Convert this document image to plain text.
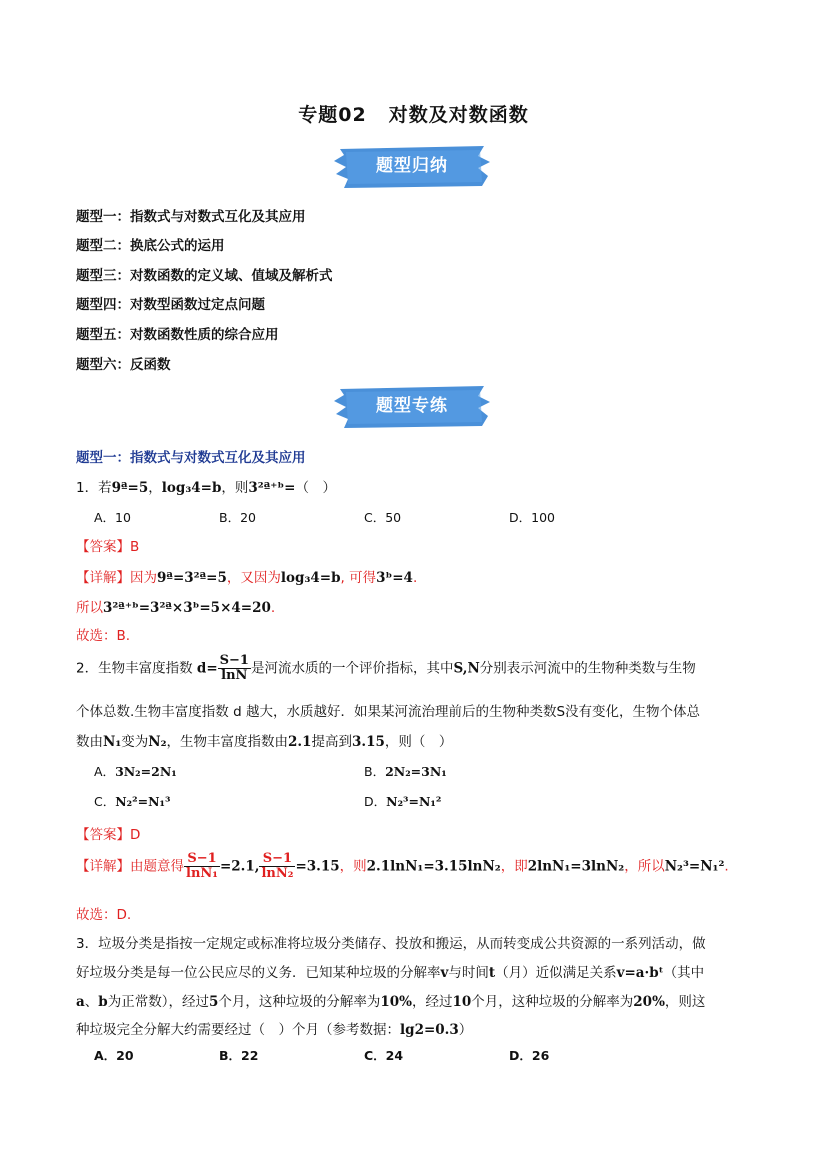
专题02 对数及对数函数
题型归纳
题型一：指数式与对数式互化及其应用
题型二：换底公式的运用
题型三：对数函数的定义域、值域及解析式
题型四：对数型函数过定点问题
题型五：对数函数性质的综合应用
题型六：反函数
题型专练
题型一：指数式与对数式互化及其应用
1．若9ª=5，log₃4=b，则3²ª⁺ᵇ=（　）
A．10	B．20	C．50	D．100
【答案】B
【详解】因为9ª=3²ª=5，又因为log₃4=b, 可得3ᵇ=4.
所以3²ª⁺ᵇ=3²ª×3ᵇ=5×4=20.
故选：B.
2．生物丰富度指数 $d= \frac{S-1}{\ln N}$ 是河流水质的一个评价指标，其中S,N分别表示河流中的生物种类数与生物
个体总数.生物丰富度指数 d 越大，水质越好．如果某河流治理前后的生物种类数S没有变化，生物个体总
数由N₁变为N₂，生物丰富度指数由2.1提高到3.15，则（　）
A．3N₂=2N₁	B．2N₂=3N₁
C．N₂²=N₁³	D．N₂³=N₁²
【答案】D
【详解】由题意得 $\frac{S-1}{\text{lnN₁}} =2.1$, $\frac{S-1}{\text{lnN₂}} =3.15$，则2.1lnN₁=3.15lnN₂，即2lnN₁=3lnN₂，所以N₂³=N₁².
故选：D.
3．垃圾分类是指按一定规定或标准将垃圾分类储存、投放和搬运，从而转变成公共资源的一系列活动，做
好垃圾分类是每一位公民应尽的义务．已知某种垃圾的分解率v与时间t（月）近似满足关系v=a·bᵗ（其中
a、b为正常数），经过5个月，这种垃圾的分解率为10%，经过10个月，这种垃圾的分解率为20%，则这
种垃圾完全分解大约需要经过（　）个月（参考数据：lg2=0.3）
A．20	B．22	C．24	D．26
